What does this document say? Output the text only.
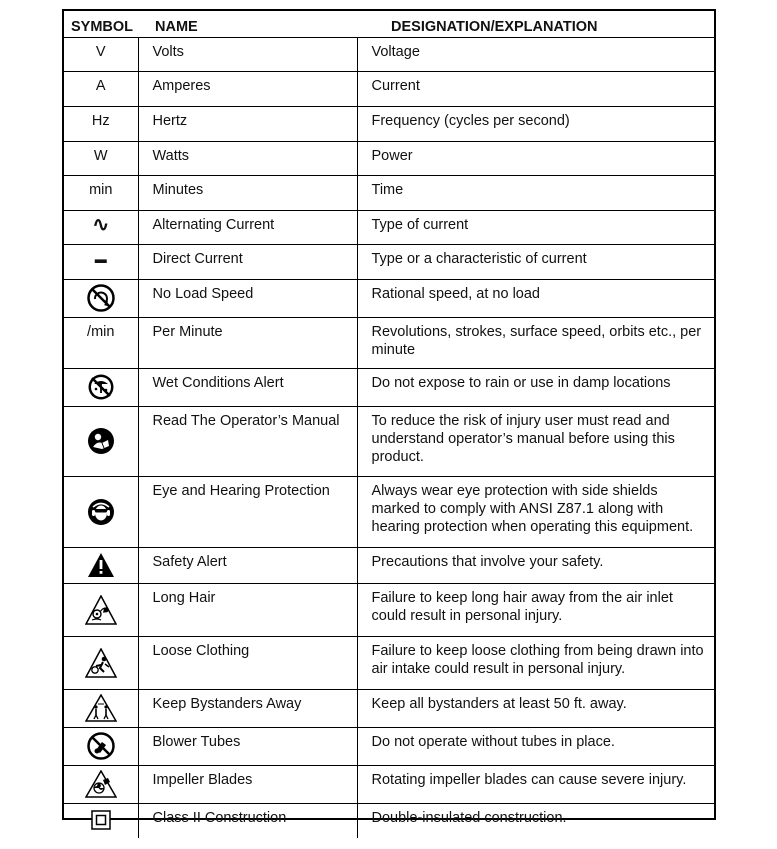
SYMBOL	NAME	DESIGNATION/EXPLANATION
V	Volts	Voltage
A	Amperes	Current
Hz	Hertz	Frequency (cycles per second)
W	Watts	Power
min	Minutes	Time
∿	Alternating Current	Type of current
▬	Direct Current	Type or a characteristic of current

	No Load Speed	Rational speed, at no load
/min	Per Minute	Revolutions, strokes, surface speed, orbits etc., per minute

	Wet Conditions Alert	Do not expose to rain or use in damp locations

	Read The Operator’s Manual	To reduce the risk of injury user must read and understand operator’s manual before using this product.

	Eye and Hearing Protection	Always wear eye protection with side shields marked to comply with ANSI Z87.1 along with hearing protection when operating this equipment.

	Safety Alert	Precautions that involve your safety.

	Long Hair	Failure to keep long hair away from the air inlet could result in personal injury.

	Loose Clothing	Failure to keep loose clothing from being drawn into air intake could result in personal injury.

	Keep Bystanders Away	Keep all bystanders at least 50 ft. away.

	Blower Tubes	Do not operate without tubes in place.

	Impeller Blades	Rotating impeller blades can cause severe injury.

	Class II Construction	Double-insulated construction.
